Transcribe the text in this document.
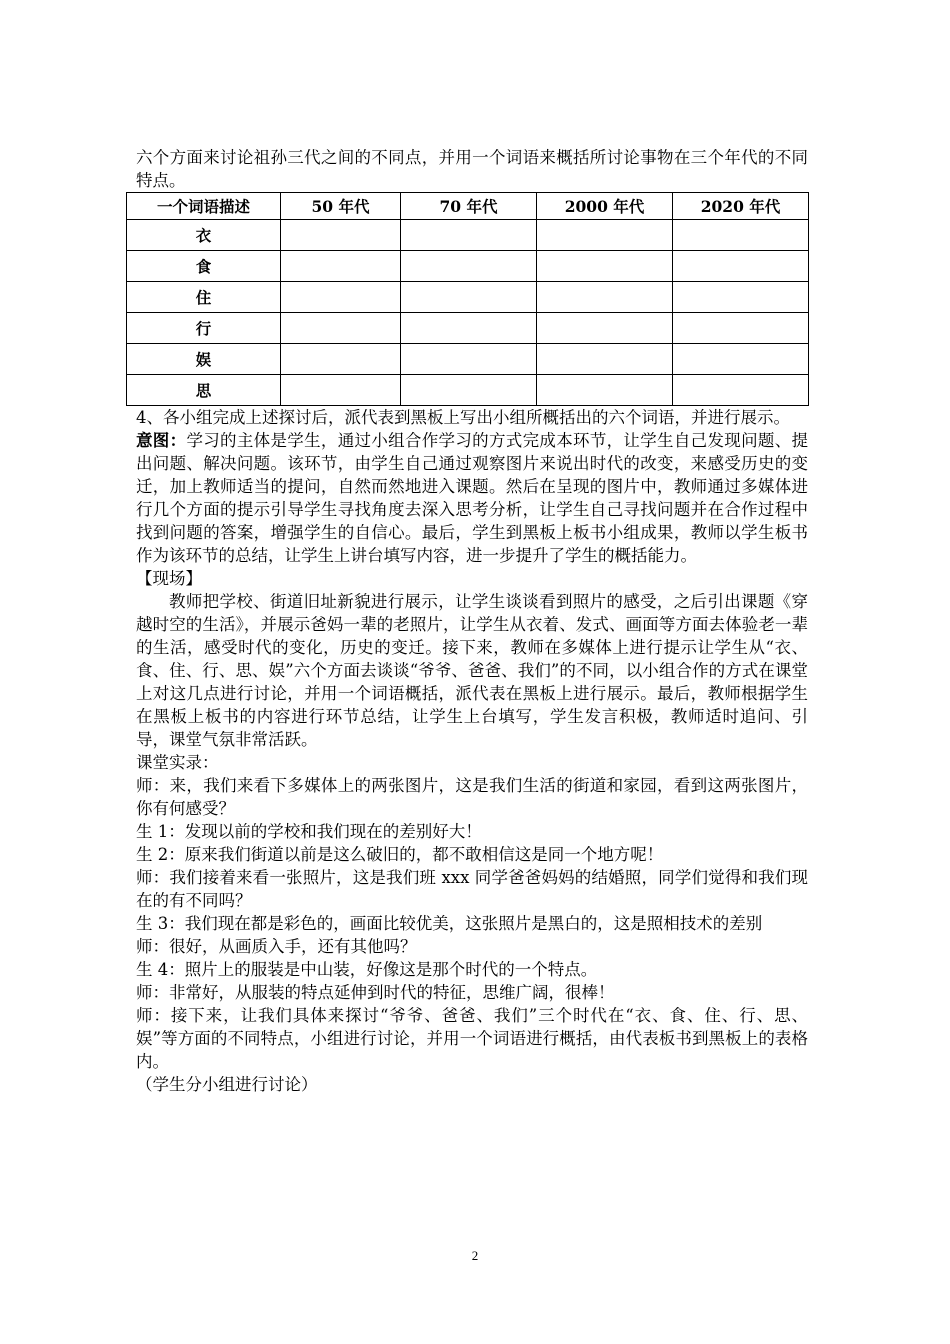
六个方面来讨论祖孙三代之间的不同点，并用一个词语来概括所讨论事物在三个年代的不同特点。

一个词语描述	50 年代	70 年代	2000 年代	2020 年代
衣				
食				
住				
行				
娱				
思				

4、各小组完成上述探讨后，派代表到黑板上写出小组所概括出的六个词语，并进行展示。

意图：学习的主体是学生，通过小组合作学习的方式完成本环节，让学生自己发现问题、提出问题、解决问题。该环节，由学生自己通过观察图片来说出时代的改变，来感受历史的变迁，加上教师适当的提问，自然而然地进入课题。然后在呈现的图片中，教师通过多媒体进行几个方面的提示引导学生寻找角度去深入思考分析，让学生自己寻找问题并在合作过程中找到问题的答案，增强学生的自信心。最后，学生到黑板上板书小组成果，教师以学生板书作为该环节的总结，让学生上讲台填写内容，进一步提升了学生的概括能力。

【现场】

教师把学校、街道旧址新貌进行展示，让学生谈谈看到照片的感受，之后引出课题《穿越时空的生活》，并展示爸妈一辈的老照片，让学生从衣着、发式、画面等方面去体验老一辈的生活，感受时代的变化，历史的变迁。接下来，教师在多媒体上进行提示让学生从“衣、食、住、行、思、娱”六个方面去谈谈“爷爷、爸爸、我们”的不同，以小组合作的方式在课堂上对这几点进行讨论，并用一个词语概括，派代表在黑板上进行展示。最后，教师根据学生在黑板上板书的内容进行环节总结，让学生上台填写，学生发言积极，教师适时追问、引导，课堂气氛非常活跃。

课堂实录：

师：来，我们来看下多媒体上的两张图片，这是我们生活的街道和家园，看到这两张图片，你有何感受？

生 1：发现以前的学校和我们现在的差别好大！

生 2：原来我们街道以前是这么破旧的，都不敢相信这是同一个地方呢！

师：我们接着来看一张照片，这是我们班 xxx 同学爸爸妈妈的结婚照，同学们觉得和我们现在的有不同吗？

生 3：我们现在都是彩色的，画面比较优美，这张照片是黑白的，这是照相技术的差别

师：很好，从画质入手，还有其他吗？

生 4：照片上的服装是中山装，好像这是那个时代的一个特点。

师：非常好，从服装的特点延伸到时代的特征，思维广阔，很棒！

师：接下来，让我们具体来探讨“爷爷、爸爸、我们”三个时代在“衣、食、住、行、思、娱”等方面的不同特点，小组进行讨论，并用一个词语进行概括，由代表板书到黑板上的表格内。

（学生分小组进行讨论）

2
